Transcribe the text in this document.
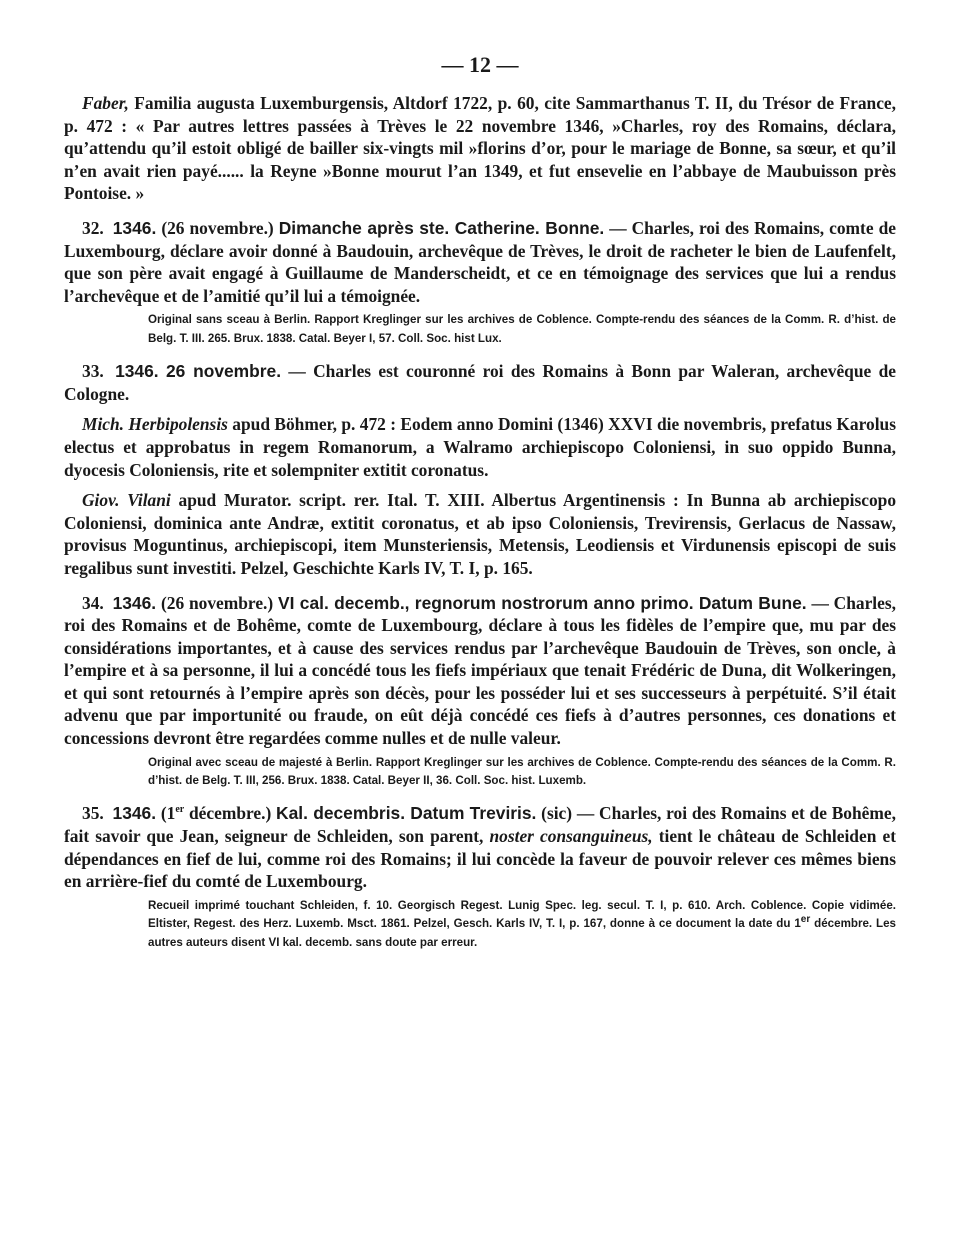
— 12 —

Faber, Familia augusta Luxemburgensis, Altdorf 1722, p. 60, cite Sammarthanus T. II, du Trésor de France, p. 472 : « Par autres lettres passées à Trèves le 22 novembre 1346, »Charles, roy des Romains, déclara, qu’attendu qu’il estoit obligé de bailler six-vingts mil »florins d’or, pour le mariage de Bonne, sa sœur, et qu’il n’en avait rien payé...... la Reyne »Bonne mourut l’an 1349, et fut ensevelie en l’abbaye de Maubuisson près Pontoise. »

32. 1346. (26 novembre.) Dimanche après ste. Catherine. Bonne. — Charles, roi des Romains, comte de Luxembourg, déclare avoir donné à Baudouin, archevêque de Trèves, le droit de racheter le bien de Laufenfelt, que son père avait engagé à Guillaume de Manderscheidt, et ce en témoignage des services que lui a rendus l’archevêque et de l’amitié qu’il lui a témoignée.

Original sans sceau à Berlin. Rapport Kreglinger sur les archives de Coblence. Compte-rendu des séances de la Comm. R. d’hist. de Belg. T. III. 265. Brux. 1838. Catal. Beyer I, 57. Coll. Soc. hist Lux.

33. 1346. 26 novembre. — Charles est couronné roi des Romains à Bonn par Waleran, archevêque de Cologne.

Mich. Herbipolensis apud Böhmer, p. 472 : Eodem anno Domini (1346) XXVI die novembris, prefatus Karolus electus et approbatus in regem Romanorum, a Walramo archiepiscopo Coloniensi, in suo oppido Bunna, dyocesis Coloniensis, rite et solempniter extitit coronatus.

Giov. Vilani apud Murator. script. rer. Ital. T. XIII. Albertus Argentinensis : In Bunna ab archiepiscopo Coloniensi, dominica ante Andræ, extitit coronatus, et ab ipso Coloniensis, Trevirensis, Gerlacus de Nassaw, provisus Moguntinus, archiepiscopi, item Munsteriensis, Metensis, Leodiensis et Virdunensis episcopi de suis regalibus sunt investiti. Pelzel, Geschichte Karls IV, T. I, p. 165.

34. 1346. (26 novembre.) VI cal. decemb., regnorum nostrorum anno primo. Datum Bune. — Charles, roi des Romains et de Bohême, comte de Luxembourg, déclare à tous les fidèles de l’empire que, mu par des considérations importantes, et à cause des services rendus par l’archevêque Baudouin de Trèves, son oncle, à l’empire et à sa personne, il lui a concédé tous les fiefs impériaux que tenait Frédéric de Duna, dit Wolkeringen, et qui sont retournés à l’empire après son décès, pour les posséder lui et ses successeurs à perpétuité. S’il était advenu que par importunité ou fraude, on eût déjà concédé ces fiefs à d’autres personnes, ces donations et concessions devront être regardées comme nulles et de nulle valeur.

Original avec sceau de majesté à Berlin. Rapport Kreglinger sur les archives de Coblence. Compte-rendu des séances de la Comm. R. d’hist. de Belg. T. III, 256. Brux. 1838. Catal. Beyer II, 36. Coll. Soc. hist. Luxemb.

35. 1346. (1er décembre.) Kal. decembris. Datum Treviris. (sic) — Charles, roi des Romains et de Bohême, fait savoir que Jean, seigneur de Schleiden, son parent, noster consanguineus, tient le château de Schleiden et dépendances en fief de lui, comme roi des Romains; il lui concède la faveur de pouvoir relever ces mêmes biens en arrière-fief du comté de Luxembourg.

Recueil imprimé touchant Schleiden, f. 10. Georgisch Regest. Lunig Spec. leg. secul. T. I, p. 610. Arch. Coblence. Copie vidimée. Eltister, Regest. des Herz. Luxemb. Msct. 1861. Pelzel, Gesch. Karls IV, T. I, p. 167, donne à ce document la date du 1er décembre. Les autres auteurs disent VI kal. decemb. sans doute par erreur.
